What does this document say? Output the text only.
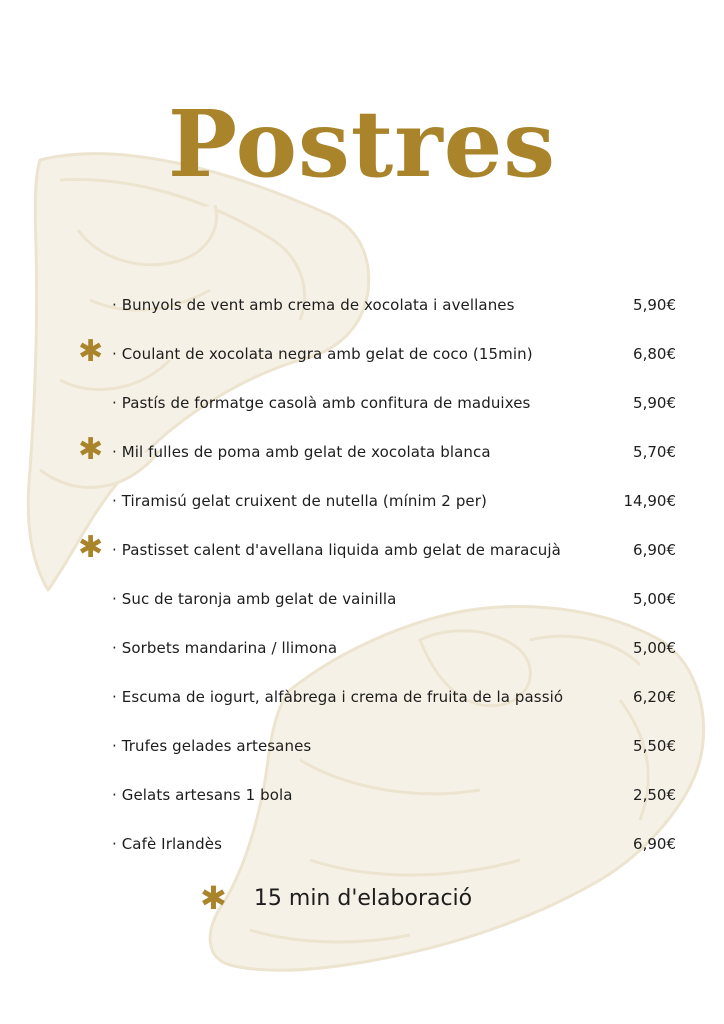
Postres
· Bunyols de vent amb crema de xocolata i avellanes	5,90€
✱ · Coulant de xocolata negra amb gelat de coco (15min)	6,80€
· Pastís de formatge casolà amb confitura de maduixes	5,90€
✱ · Mil fulles de poma amb gelat de xocolata blanca	5,70€
· Tiramisú gelat cruixent de nutella (mínim 2 per)	14,90€
✱ · Pastisset calent d'avellana liquida amb gelat de maracujà	6,90€
· Suc de taronja amb gelat de vainilla	5,00€
· Sorbets mandarina / llimona	5,00€
· Escuma de iogurt, alfàbrega i crema de fruita de la passió	6,20€
· Trufes gelades artesanes	5,50€
· Gelats artesans 1 bola	2,50€
· Cafè Irlandès	6,90€
✱ 15 min d'elaboració
